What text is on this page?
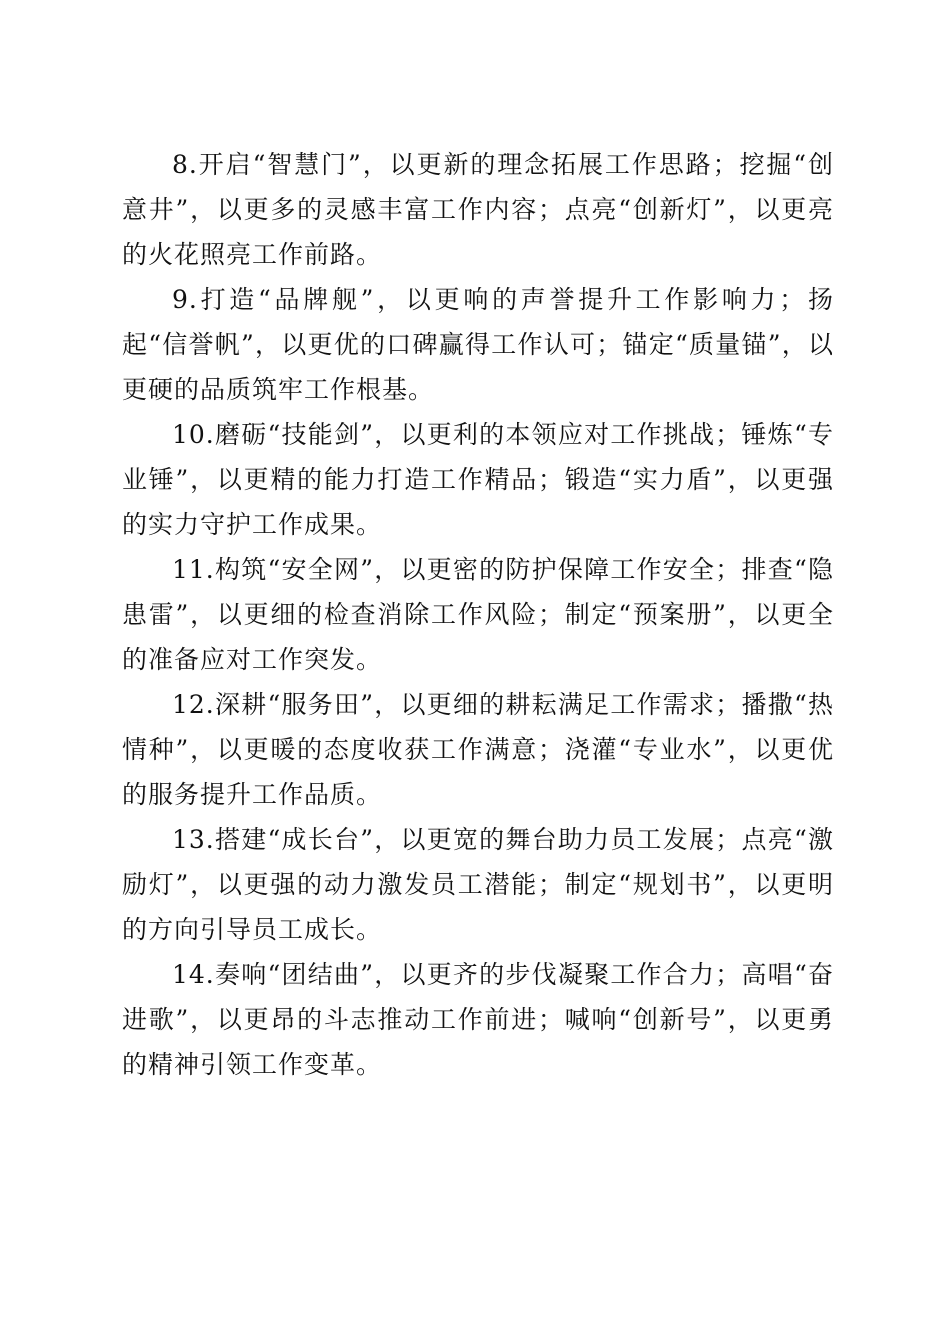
8.开启“智慧门”，以更新的理念拓展工作思路；挖掘“创意井”，以更多的灵感丰富工作内容；点亮“创新灯”，以更亮的火花照亮工作前路。

9.打造“品牌舰”，以更响的声誉提升工作影响力；扬起“信誉帆”，以更优的口碑赢得工作认可；锚定“质量锚”，以更硬的品质筑牢工作根基。

10.磨砺“技能剑”，以更利的本领应对工作挑战；锤炼“专业锤”，以更精的能力打造工作精品；锻造“实力盾”，以更强的实力守护工作成果。

11.构筑“安全网”，以更密的防护保障工作安全；排查“隐患雷”，以更细的检查消除工作风险；制定“预案册”，以更全的准备应对工作突发。

12.深耕“服务田”，以更细的耕耘满足工作需求；播撒“热情种”，以更暖的态度收获工作满意；浇灌“专业水”，以更优的服务提升工作品质。

13.搭建“成长台”，以更宽的舞台助力员工发展；点亮“激励灯”，以更强的动力激发员工潜能；制定“规划书”，以更明的方向引导员工成长。

14.奏响“团结曲”，以更齐的步伐凝聚工作合力；高唱“奋进歌”，以更昂的斗志推动工作前进；喊响“创新号”，以更勇的精神引领工作变革。
